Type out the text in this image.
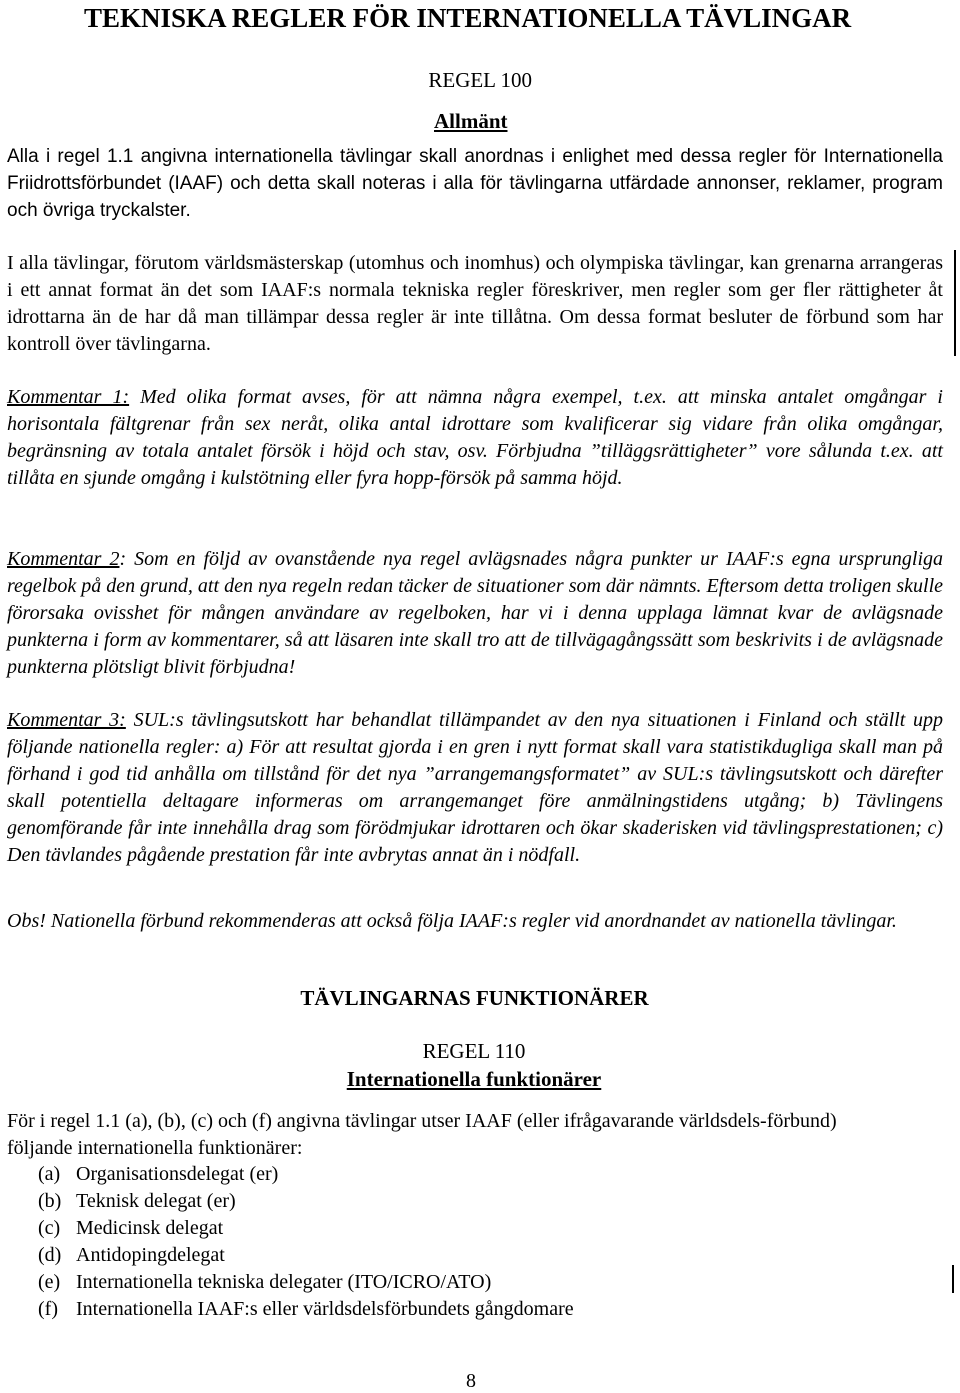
TEKNISKA REGLER FÖR INTERNATIONELLA TÄVLINGAR
REGEL 100
Allmänt
Alla i regel 1.1 angivna internationella tävlingar skall anordnas i enlighet med dessa regler för Internationella Friidrottsförbundet (IAAF) och detta skall noteras i alla för tävlingarna utfärdade annonser, reklamer, program och övriga tryckalster.
I alla tävlingar, förutom världsmästerskap (utomhus och inomhus) och olympiska tävlingar, kan grenarna arrangeras i ett annat format än det som IAAF:s normala tekniska regler föreskriver, men regler som ger fler rättigheter åt idrottarna än de har då man tillämpar dessa regler är inte tillåtna. Om dessa format besluter de förbund som har kontroll över tävlingarna.
Kommentar 1: Med olika format avses, för att nämna några exempel, t.ex. att minska antalet omgångar i horisontala fältgrenar från sex neråt, olika antal idrottare som kvalificerar sig vidare från olika omgångar, begränsning av totala antalet försök i höjd och stav, osv. Förbjudna ”tilläggsrättigheter” vore sålunda t.ex. att tillåta en sjunde omgång i kulstötning eller fyra hopp-försök på samma höjd.
Kommentar 2: Som en följd av ovanstående nya regel avlägsnades några punkter ur IAAF:s egna ursprungliga regelbok på den grund, att den nya regeln redan täcker de situationer som där nämnts. Eftersom detta troligen skulle förorsaka ovisshet för mången användare av regelboken, har vi i denna upplaga lämnat kvar de avlägsnade punkterna i form av kommentarer, så att läsaren inte skall tro att de tillvägagångssätt som beskrivits i de avlägsnade punkterna plötsligt blivit förbjudna!
Kommentar 3: SUL:s tävlingsutskott har behandlat tillämpandet av den nya situationen i Finland och ställt upp följande nationella regler: a) För att resultat gjorda i en gren i nytt format skall vara statistikdugliga skall man på förhand i god tid anhålla om tillstånd för det nya ”arrangemangsformatet” av SUL:s tävlingsutskott och därefter skall potentiella deltagare informeras om arrangemanget före anmälningstidens utgång; b) Tävlingens genomförande får inte innehålla drag som förödmjukar idrottaren och ökar skaderisken vid tävlingsprestationen; c) Den tävlandes pågående prestation får inte avbrytas annat än i nödfall.
Obs! Nationella förbund rekommenderas att också följa IAAF:s regler vid anordnandet av nationella tävlingar.
TÄVLINGARNAS FUNKTIONÄRER
REGEL 110
Internationella funktionärer
För i regel 1.1 (a), (b), (c) och (f) angivna tävlingar utser IAAF (eller ifrågavarande världsdels-förbund) följande internationella funktionärer:
(a) Organisationsdelegat (er)
(b) Teknisk delegat (er)
(c) Medicinsk delegat
(d) Antidopingdelegat
(e) Internationella tekniska delegater (ITO/ICRO/ATO)
(f) Internationella IAAF:s eller världsdelsförbundets gångdomare
8
